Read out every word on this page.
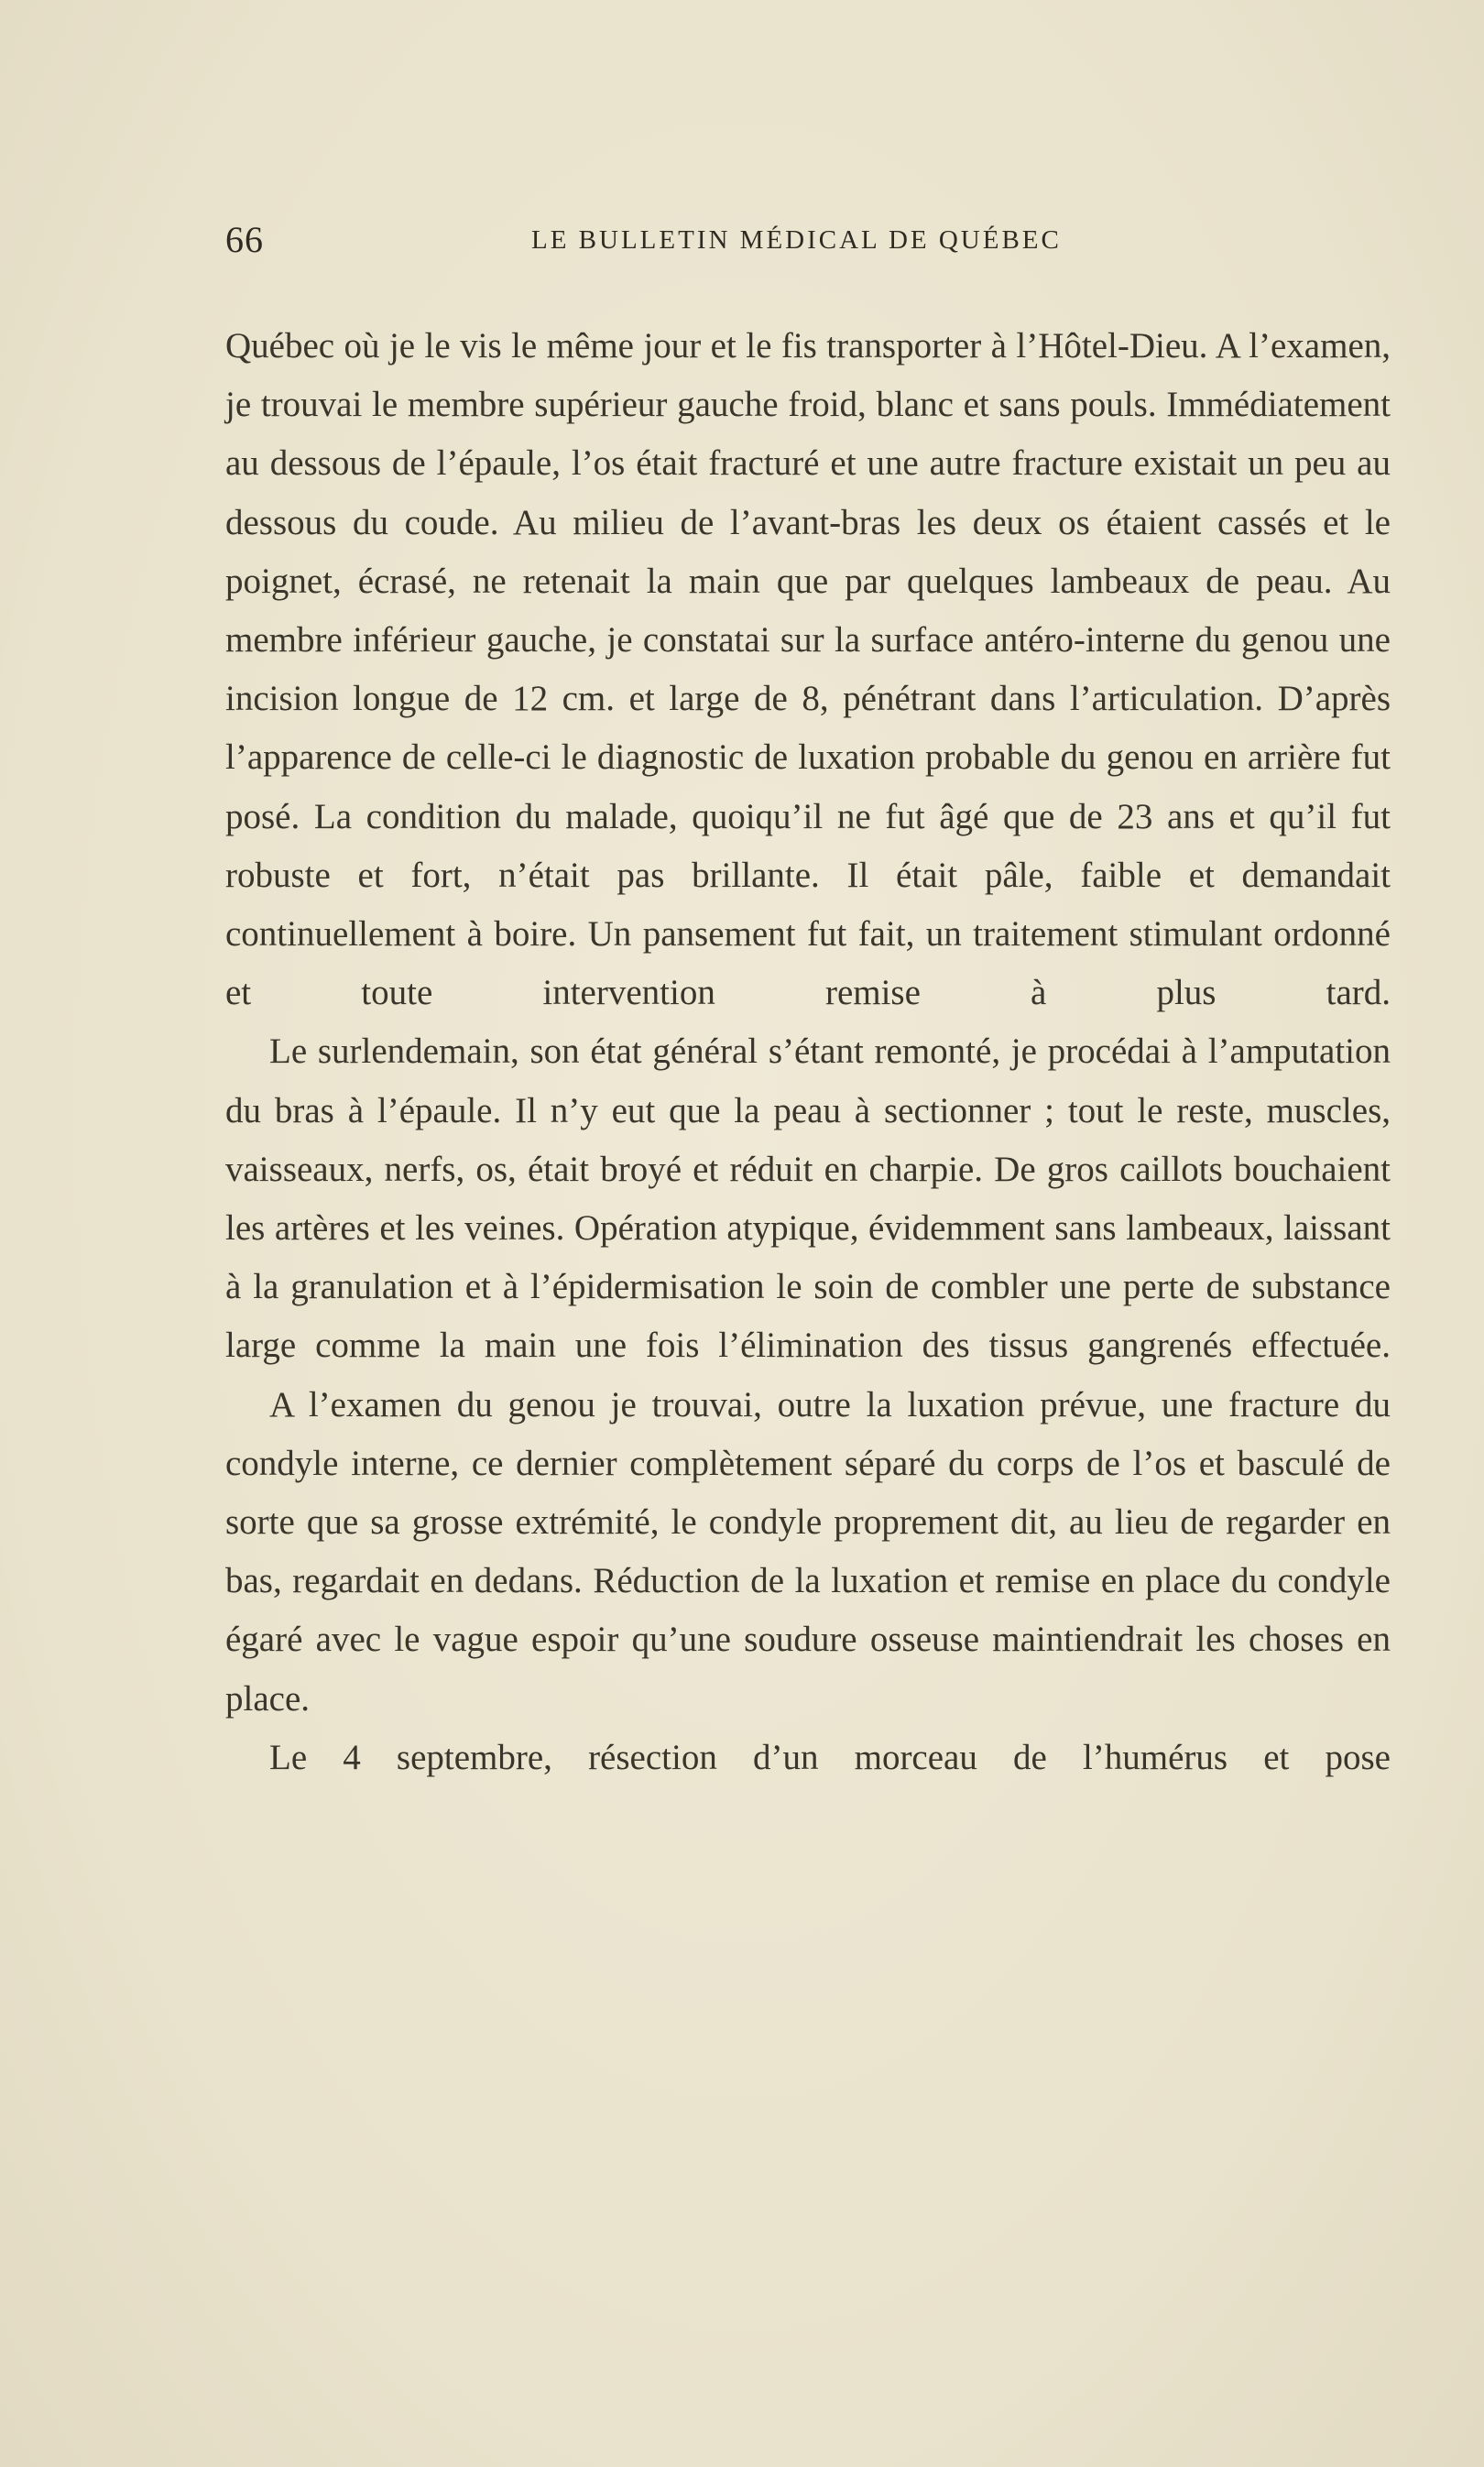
66	LE BULLETIN MÉDICAL DE QUÉBEC

Québec où je le vis le même jour et le fis transporter à l’Hôtel-Dieu. A l’examen, je trouvai le membre supérieur gauche froid, blanc et sans pouls. Immédiatement au dessous de l’épaule, l’os était fracturé et une autre fracture existait un peu au dessous du coude. Au milieu de l’avant-bras les deux os étaient cassés et le poignet, écrasé, ne retenait la main que par quelques lambeaux de peau. Au membre inférieur gauche, je constatai sur la surface antéro-interne du genou une incision longue de 12 cm. et large de 8, pénétrant dans l’articulation. D’après l’apparence de celle-ci le diagnostic de luxation probable du genou en arrière fut posé. La condition du malade, quoiqu’il ne fut âgé que de 23 ans et qu’il fut robuste et fort, n’était pas brillante. Il était pâle, faible et demandait continuellement à boire. Un pansement fut fait, un traitement stimulant ordonné et toute intervention remise à plus tard.

Le surlendemain, son état général s’étant remonté, je procédai à l’amputation du bras à l’épaule. Il n’y eut que la peau à sectionner ; tout le reste, muscles, vaisseaux, nerfs, os, était broyé et réduit en charpie. De gros caillots bouchaient les artères et les veines. Opération atypique, évidemment sans lambeaux, laissant à la granulation et à l’épidermisation le soin de combler une perte de substance large comme la main une fois l’élimination des tissus gangrenés effectuée.

A l’examen du genou je trouvai, outre la luxation prévue, une fracture du condyle interne, ce dernier complètement séparé du corps de l’os et basculé de sorte que sa grosse extrémité, le condyle proprement dit, au lieu de regarder en bas, regardait en dedans. Réduction de la luxation et remise en place du condyle égaré avec le vague espoir qu’une soudure osseuse maintiendrait les choses en place.

Le 4 septembre, résection d’un morceau de l’humérus et pose
